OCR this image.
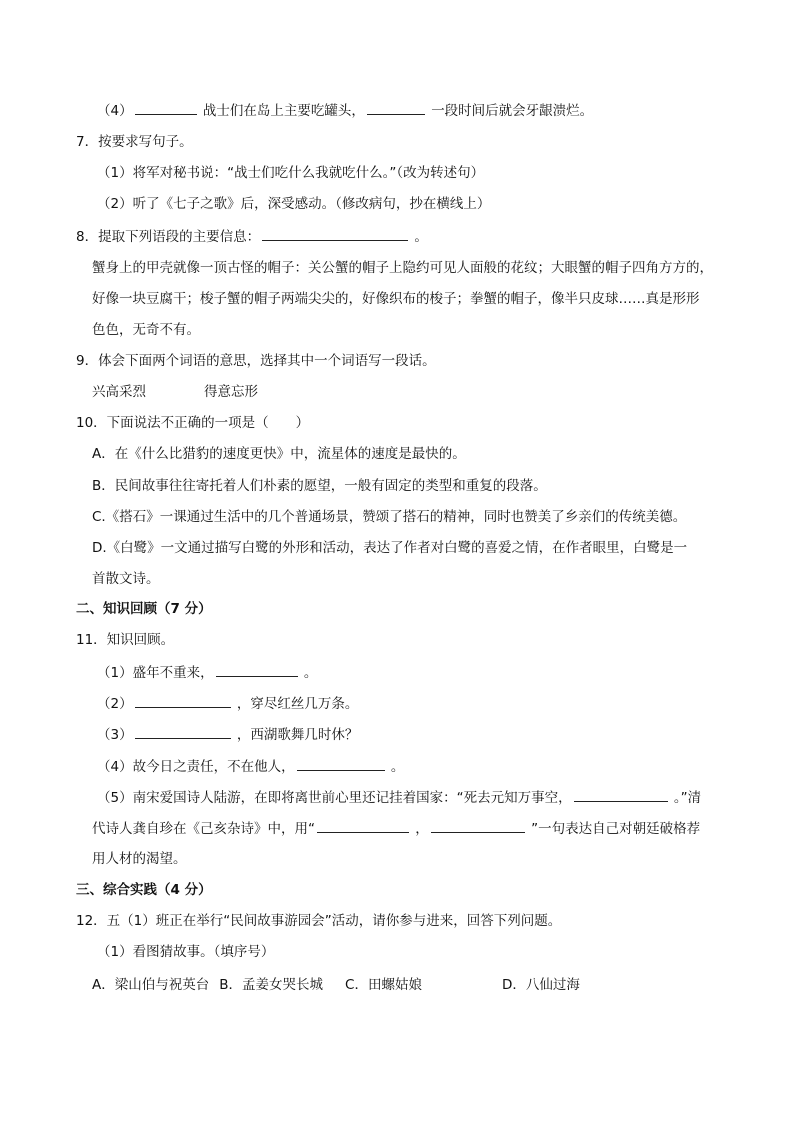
（4）	战士们在岛上主要吃罐头，	一段时间后就会牙龈溃烂。
7．按要求写句子。
（1）将军对秘书说：“战士们吃什么我就吃什么。”（改为转述句）
（2）听了《七子之歌》后，深受感动。（修改病句，抄在横线上）
8．提取下列语段的主要信息：	。
蟹身上的甲壳就像一顶古怪的帽子：关公蟹的帽子上隐约可见人面般的花纹；大眼蟹的帽子四角方方的，
好像一块豆腐干；梭子蟹的帽子两端尖尖的，好像织布的梭子；拳蟹的帽子，像半只皮球……真是形形
色色，无奇不有。
9．体会下面两个词语的意思，选择其中一个词语写一段话。
兴高采烈	得意忘形
10．下面说法不正确的一项是（　　）
A．在《什么比猎豹的速度更快》中，流星体的速度是最快的。
B．民间故事往往寄托着人们朴素的愿望，一般有固定的类型和重复的段落。
C.《搭石》一课通过生活中的几个普通场景，赞颂了搭石的精神，同时也赞美了乡亲们的传统美德。
D.《白鹭》一文通过描写白鹭的外形和活动，表达了作者对白鹭的喜爱之情，在作者眼里，白鹭是一
首散文诗。
二、知识回顾（7 分）
11．知识回顾。
（1）盛年不重来，	。
（2）	，穿尽红丝几万条。
（3）	，西湖歌舞几时休？
（4）故今日之责任，不在他人，	。
（5）南宋爱国诗人陆游，在即将离世前心里还记挂着国家：“死去元知万事空，	。”清
代诗人龚自珍在《己亥杂诗》中，用“	，	”一句表达自己对朝廷破格荐
用人材的渴望。
三、综合实践（4 分）
12．五（1）班正在举行“民间故事游园会”活动，请你参与进来，回答下列问题。
（1）看图猜故事。（填序号）
A．梁山伯与祝英台 B．孟姜女哭长城 C．田螺姑娘	D．八仙过海
